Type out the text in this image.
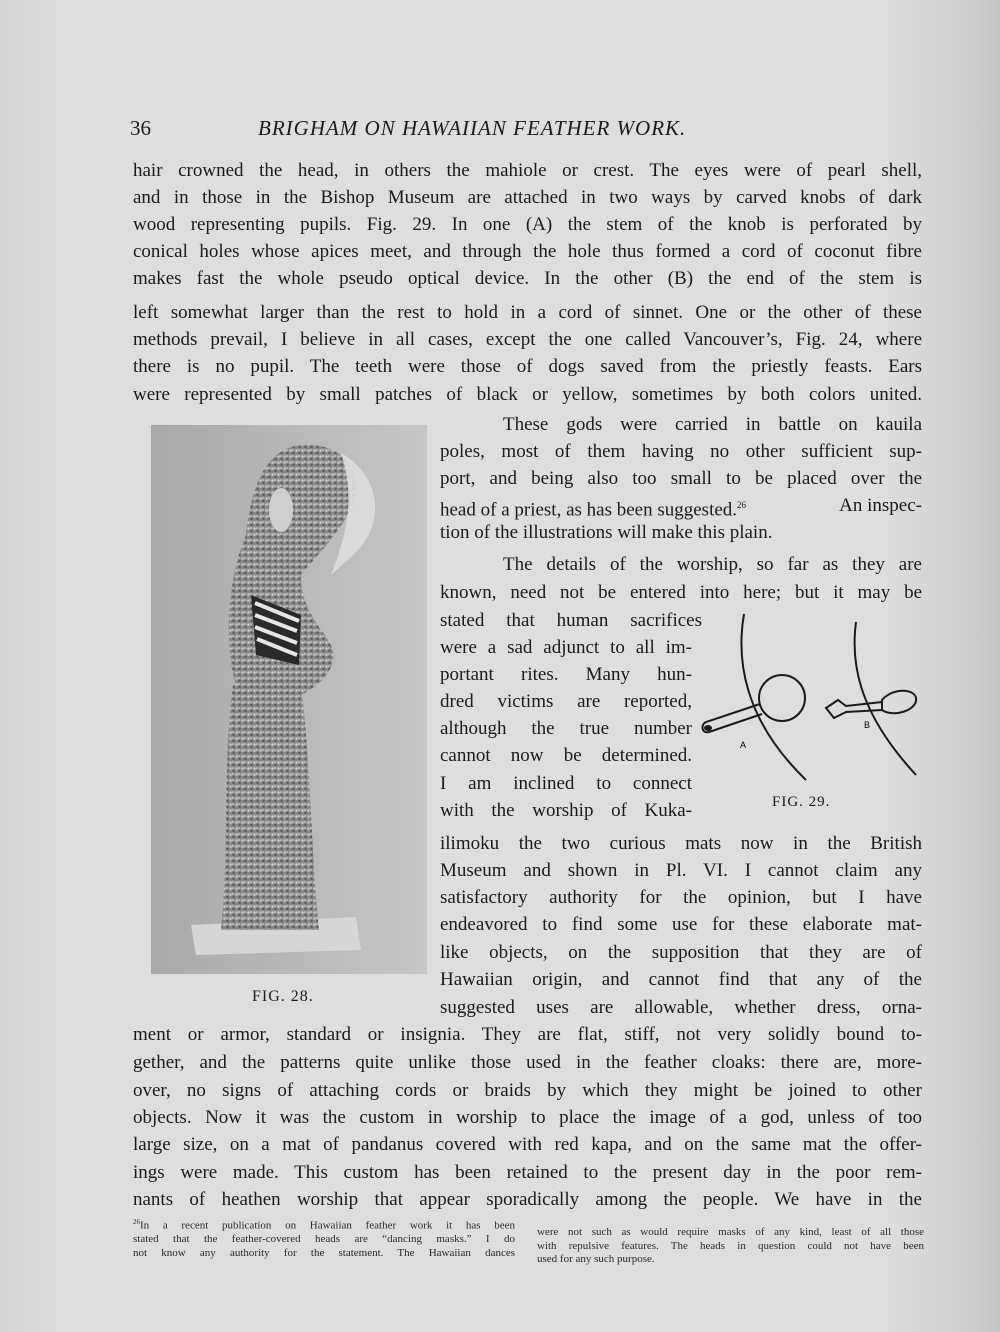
36	BRIGHAM ON HAWAIIAN FEATHER WORK.
hair crowned the head, in others the mahiole or crest. The eyes were of pearl shell,
and in those in the Bishop Museum are attached in two ways by carved knobs of dark
wood representing pupils. Fig. 29. In one (A) the stem of the knob is perforated by
conical holes whose apices meet, and through the hole thus formed a cord of coconut fibre
makes fast the whole pseudo optical device. In the other (B) the end of the stem is
left somewhat larger than the rest to hold in a cord of sinnet. One or the other of these
methods prevail, I believe in all cases, except the one called Vancouver’s, Fig. 24, where
there is no pupil. The teeth were those of dogs saved from the priestly feasts. Ears
were represented by small patches of black or yellow, sometimes by both colors united.
FIG. 28.
These gods were carried in battle on kauila
poles, most of them having no other sufficient sup-
port, and being also too small to be placed over the
head of a priest, as has been suggested.$^{26}$	An inspec-
tion of the illustrations will make this plain.
The details of the worship, so far as they are
known, need not be entered into here; but it may be
stated that human sacrifices
were a sad adjunct to all im-
portant rites. Many hun-
dred victims are reported,
although the true number
cannot now be determined.
I am inclined to connect
with the worship of Kuka-
ilimoku the two curious mats now in the British
Museum and shown in Pl. VI. I cannot claim any
satisfactory authority for the opinion, but I have
endeavored to find some use for these elaborate mat-
like objects, on the supposition that they are of
Hawaiian origin, and cannot find that any of the
suggested uses are allowable, whether dress, orna-
ment or armor, standard or insignia. They are flat, stiff, not very solidly bound to-
gether, and the patterns quite unlike those used in the feather cloaks: there are, more-
over, no signs of attaching cords or braids by which they might be joined to other
objects. Now it was the custom in worship to place the image of a god, unless of too
large size, on a mat of pandanus covered with red kapa, and on the same mat the offer-
ings were made. This custom has been retained to the present day in the poor rem-
nants of heathen worship that appear sporadically among the people. We have in the
A
B
FIG. 29.
$^{26}$In a recent publication on Hawaiian feather work it has been
stated that the feather-covered heads are “dancing masks.” I do
not know any authority for the statement. The Hawaiian dances
were not such as would require masks of any kind, least of all those
with repulsive features. The heads in question could not have been
used for any such purpose.
